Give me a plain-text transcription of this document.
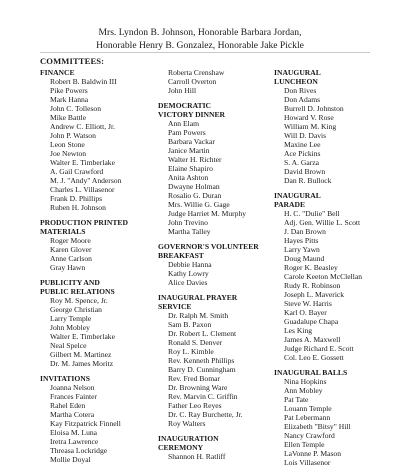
Mrs. Lyndon B. Johnson, Honorable Barbara Jordan,
Honorable Henry B. Gonzalez, Honorable Jake Pickle
COMMITTEES:
FINANCE
Robert B. Baldwin III
Pike Powers
Mark Hanna
John C. Tolleson
Mike Battle
Andrew C. Elliott, Jr.
John P. Watson
Leon Stone
Joe Newton
Walter E. Timberlake
A. Gail Crawford
M. J. "Andy" Anderson
Charles L. Villasenor
Frank D. Phillips
Ruben H. Johnson
PRODUCTION PRINTED
MATERIALS
Roger Moore
Karen Glover
Anne Carlson
Gray Hawn
PUBLICITY AND
PUBLIC RELATIONS
Roy M. Spence, Jr.
George Christian
Larry Temple
John Mobley
Walter E. Timberlake
Neal Spelce
Gilbert M. Martinez
Dr. M. James Moritz
INVITATIONS
Joanna Nelson
Frances Fainter
Rahel Eden
Martha Cotera
Kay Fitzpatrick Finnell
Eloisa M. Luna
Iretra Lawrence
Threasa Lockridge
Mollie Doyal
Roberta Crenshaw
Carroll Overton
John Hill
DEMOCRATIC
VICTORY DINNER
Ann Elam
Pam Powers
Barbara Vackar
Janice Martin
Walter H. Richter
Elaine Shapiro
Anita Ashton
Dwayne Holman
Rosalio G. Duran
Mrs. Willie G. Gage
Judge Harriet M. Murphy
John Trevino
Martha Talley
GOVERNOR'S VOLUNTEER
BREAKFAST
Debbie Hanna
Kathy Lowry
Alice Davies
INAUGURAL PRAYER
SERVICE
Dr. Ralph M. Smith
Sam B. Paxon
Dr. Robert L. Clement
Ronald S. Denver
Roy L. Kimble
Rev. Kenneth Phillips
Barry D. Cunningham
Rev. Fred Bomar
Dr. Browning Ware
Rev. Marvin C. Griffin
Father Leo Reyes
Dr. C. Ray Burchette, Jr.
Roy Walters
INAUGURATION
CEREMONY
Shannon H. Ratliff
INAUGURAL
LUNCHEON
Don Rives
Don Adams
Burrell D. Johnston
Howard V. Rose
William M. King
Will D. Davis
Maxine Lee
Ace Pickins
S. A. Garza
David Brown
Dan R. Bullock
INAUGURAL
PARADE
H. C. "Dulie" Bell
Adj. Gen. Willie L. Scott
J. Dan Brown
Hayes Pitts
Larry Yawn
Doug Maund
Roger K. Beasley
Carole Keeton McClellan
Rudy R. Robinson
Joseph L. Maverick
Steve W. Harris
Karl O. Bayer
Guadalupe Chapa
Les King
James A. Maxwell
Judge Richard E. Scott
Col. Leo E. Gossett
INAUGURAL BALLS
Nina Hopkins
Ann Mobley
Pat Tate
Louann Temple
Pat Lebermann
Elizabeth "Bitsy" Hill
Nancy Crawford
Ellen Temple
LaVonne P. Mason
Lois Villasenor
